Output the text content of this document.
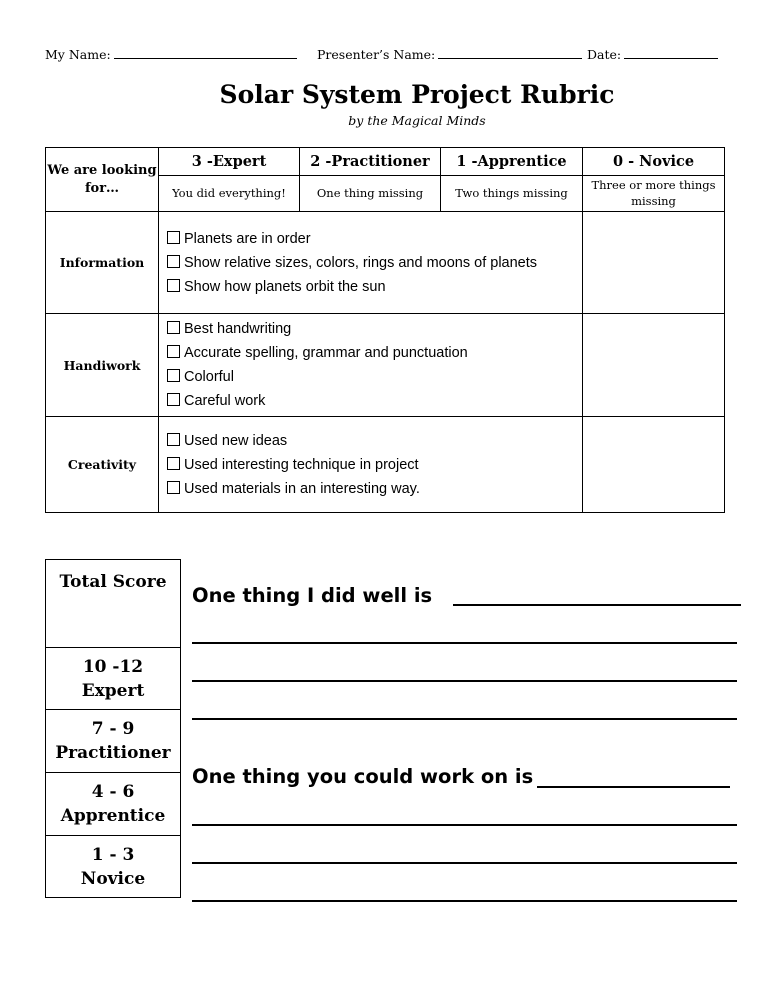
My Name:	Presenter’s Name:	Date:
Solar System Project Rubric
by the Magical Minds
We are looking for…	3 -Expert	2 -Practitioner	1 -Apprentice	0 - Novice
	You did everything!	One thing missing	Two things missing	Three or more things missing
Information	Planets are in order
Show relative sizes, colors, rings and moons of planets
Show how planets orbit the sun			

Handiwork	Best handwriting
Accurate spelling, grammar and punctuation
Colorful
Careful work			

Creativity	Used new ideas
Used interesting technique in project
Used materials in an interesting way.			

Total Score
10 -12
Expert
7 - 9
Practitioner
4 - 6
Apprentice
1 - 3
Novice
One thing I did well is
One thing you could work on is
